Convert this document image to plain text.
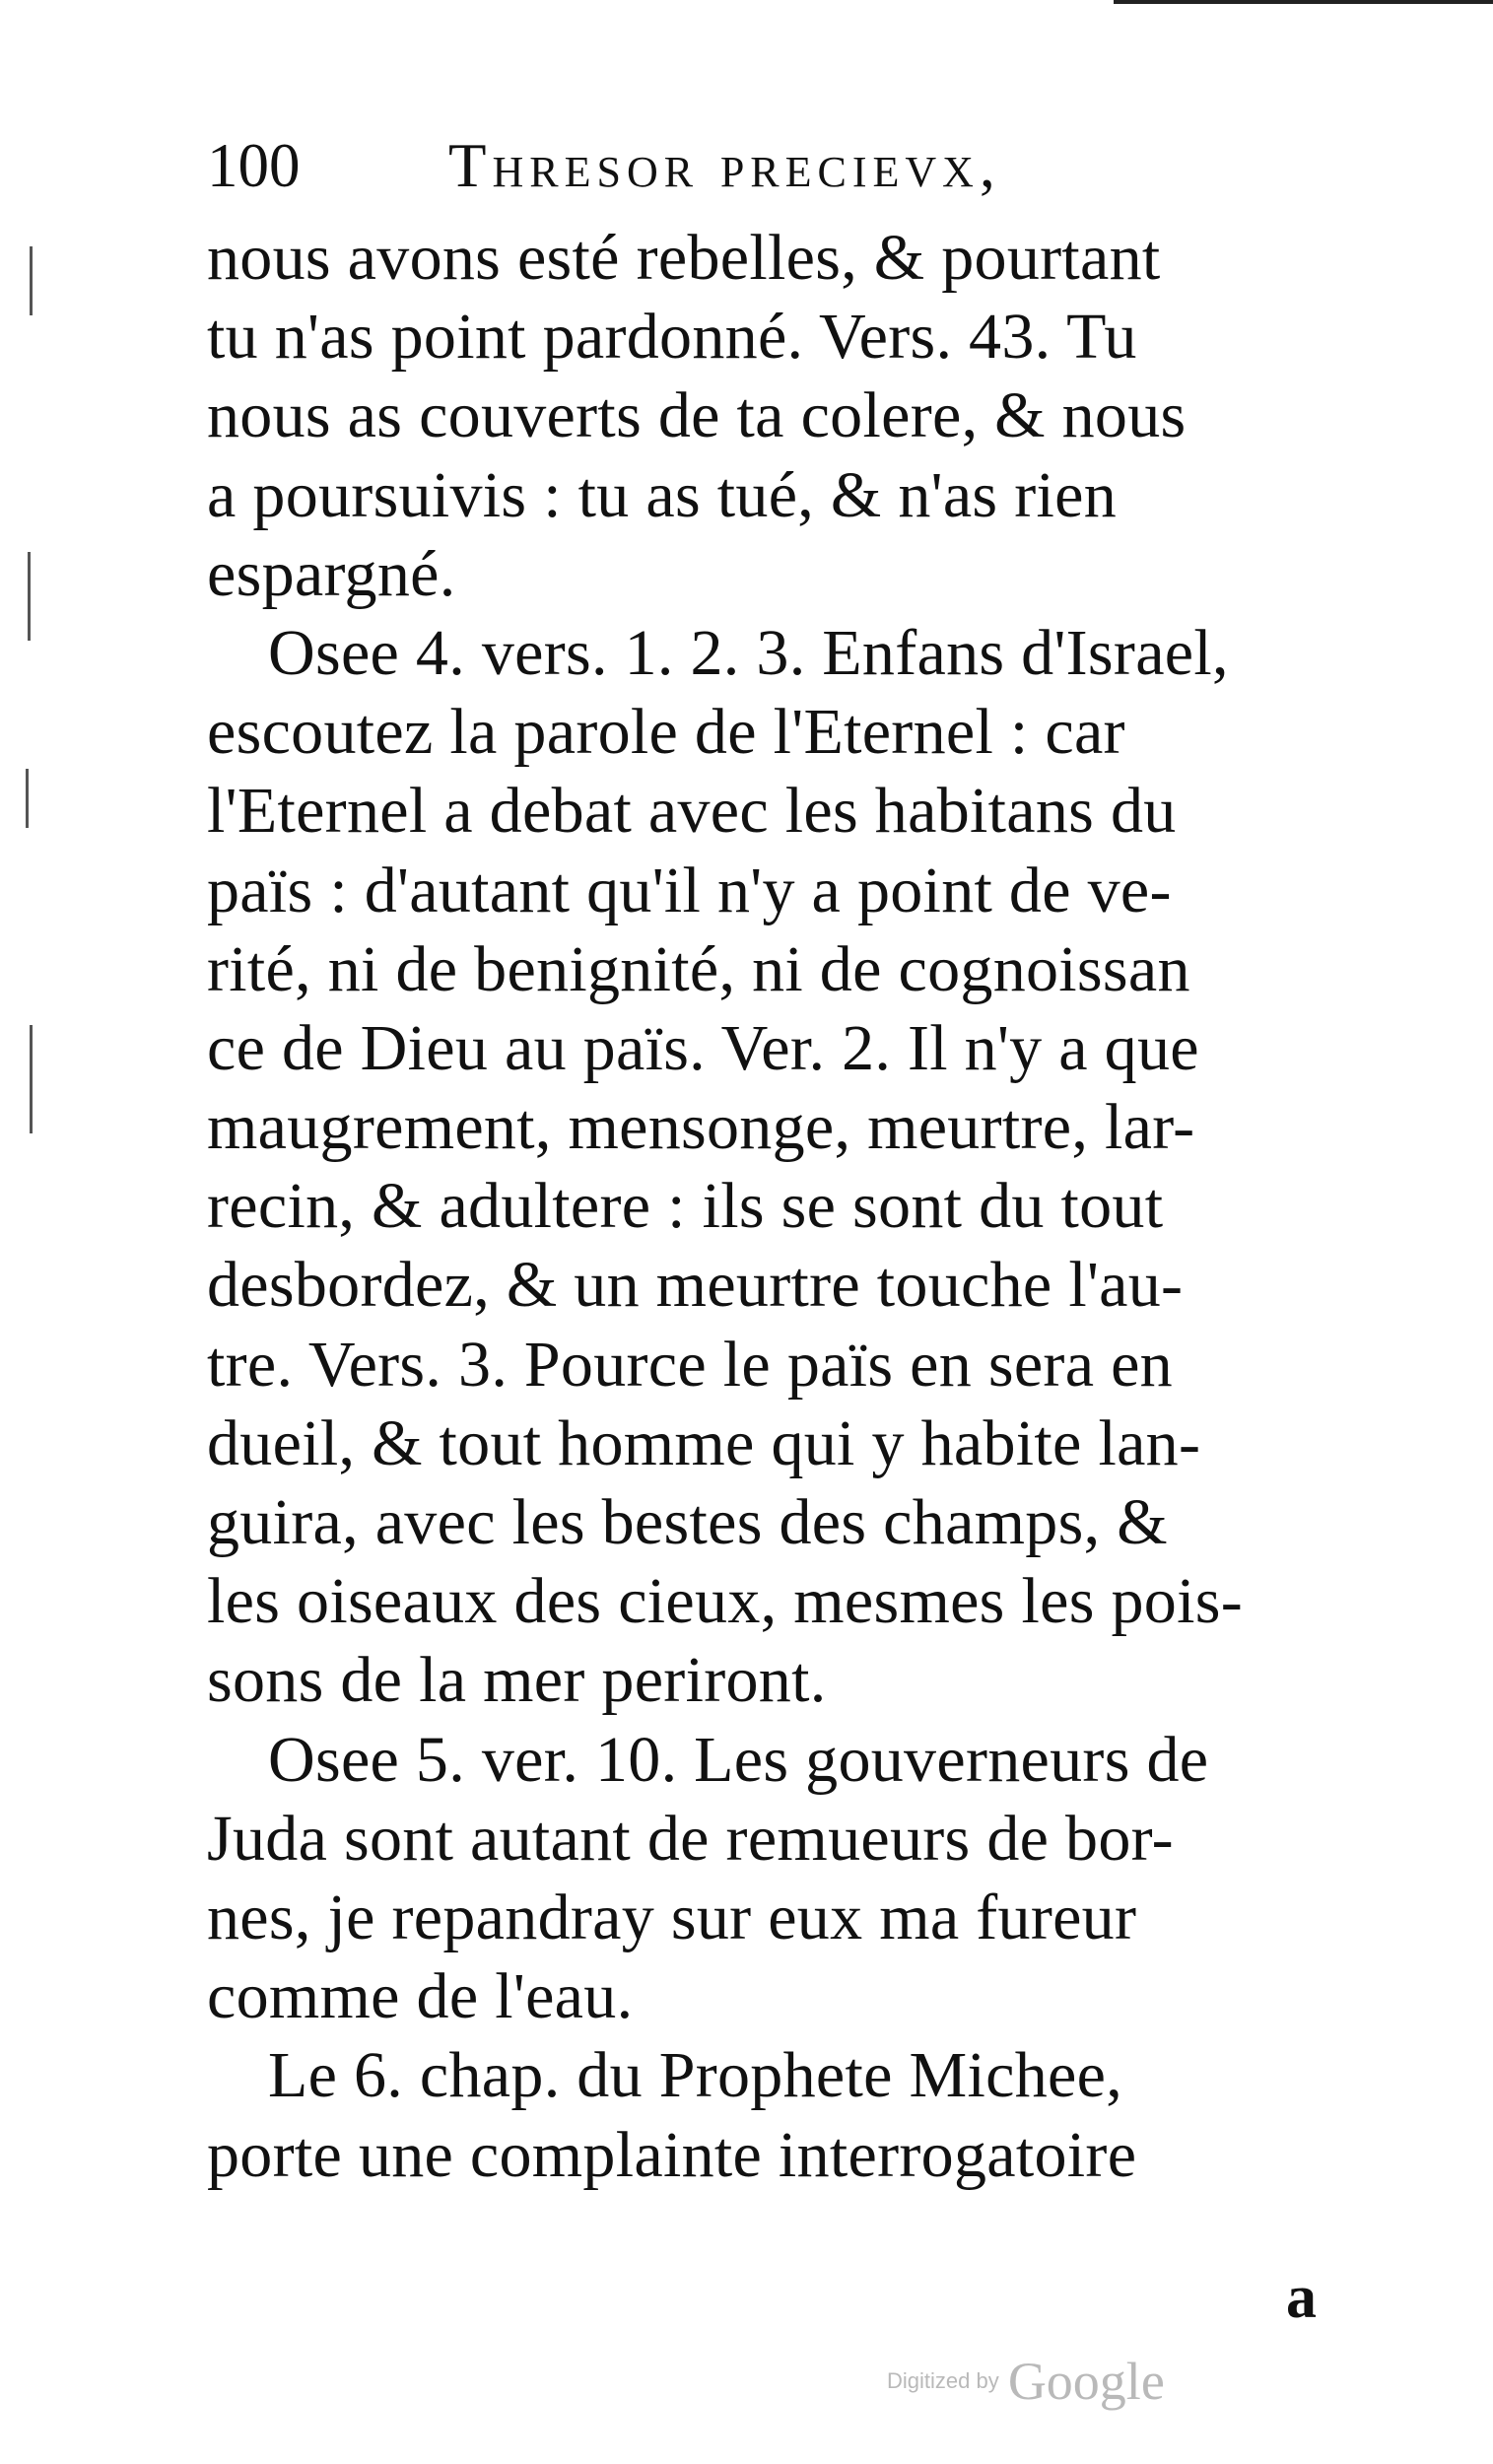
100 Thresor precievx,
nous avons esté rebelles, & pourtant
tu n'as point pardonné. Vers. 43. Tu
nous as couverts de ta colere, & nous
a poursuivis : tu as tué, & n'as rien
espargné.
Osee 4. vers. 1. 2. 3. Enfans d'Israel,
escoutez la parole de l'Eternel : car
l'Eternel a debat avec les habitans du
païs : d'autant qu'il n'y a point de ve-
rité, ni de benignité, ni de cognoissan
ce de Dieu au païs. Ver. 2. Il n'y a que
maugrement, mensonge, meurtre, lar-
recin, & adultere : ils se sont du tout
desbordez, & un meurtre touche l'au-
tre. Vers. 3. Pource le païs en sera en
dueil, & tout homme qui y habite lan-
guira, avec les bestes des champs, &
les oiseaux des cieux, mesmes les pois-
sons de la mer periront.
Osee 5. ver. 10. Les gouverneurs de
Juda sont autant de remueurs de bor-
nes, je repandray sur eux ma fureur
comme de l'eau.
Le 6. chap. du Prophete Michee,
porte une complainte interrogatoire
a
Digitized by Google
